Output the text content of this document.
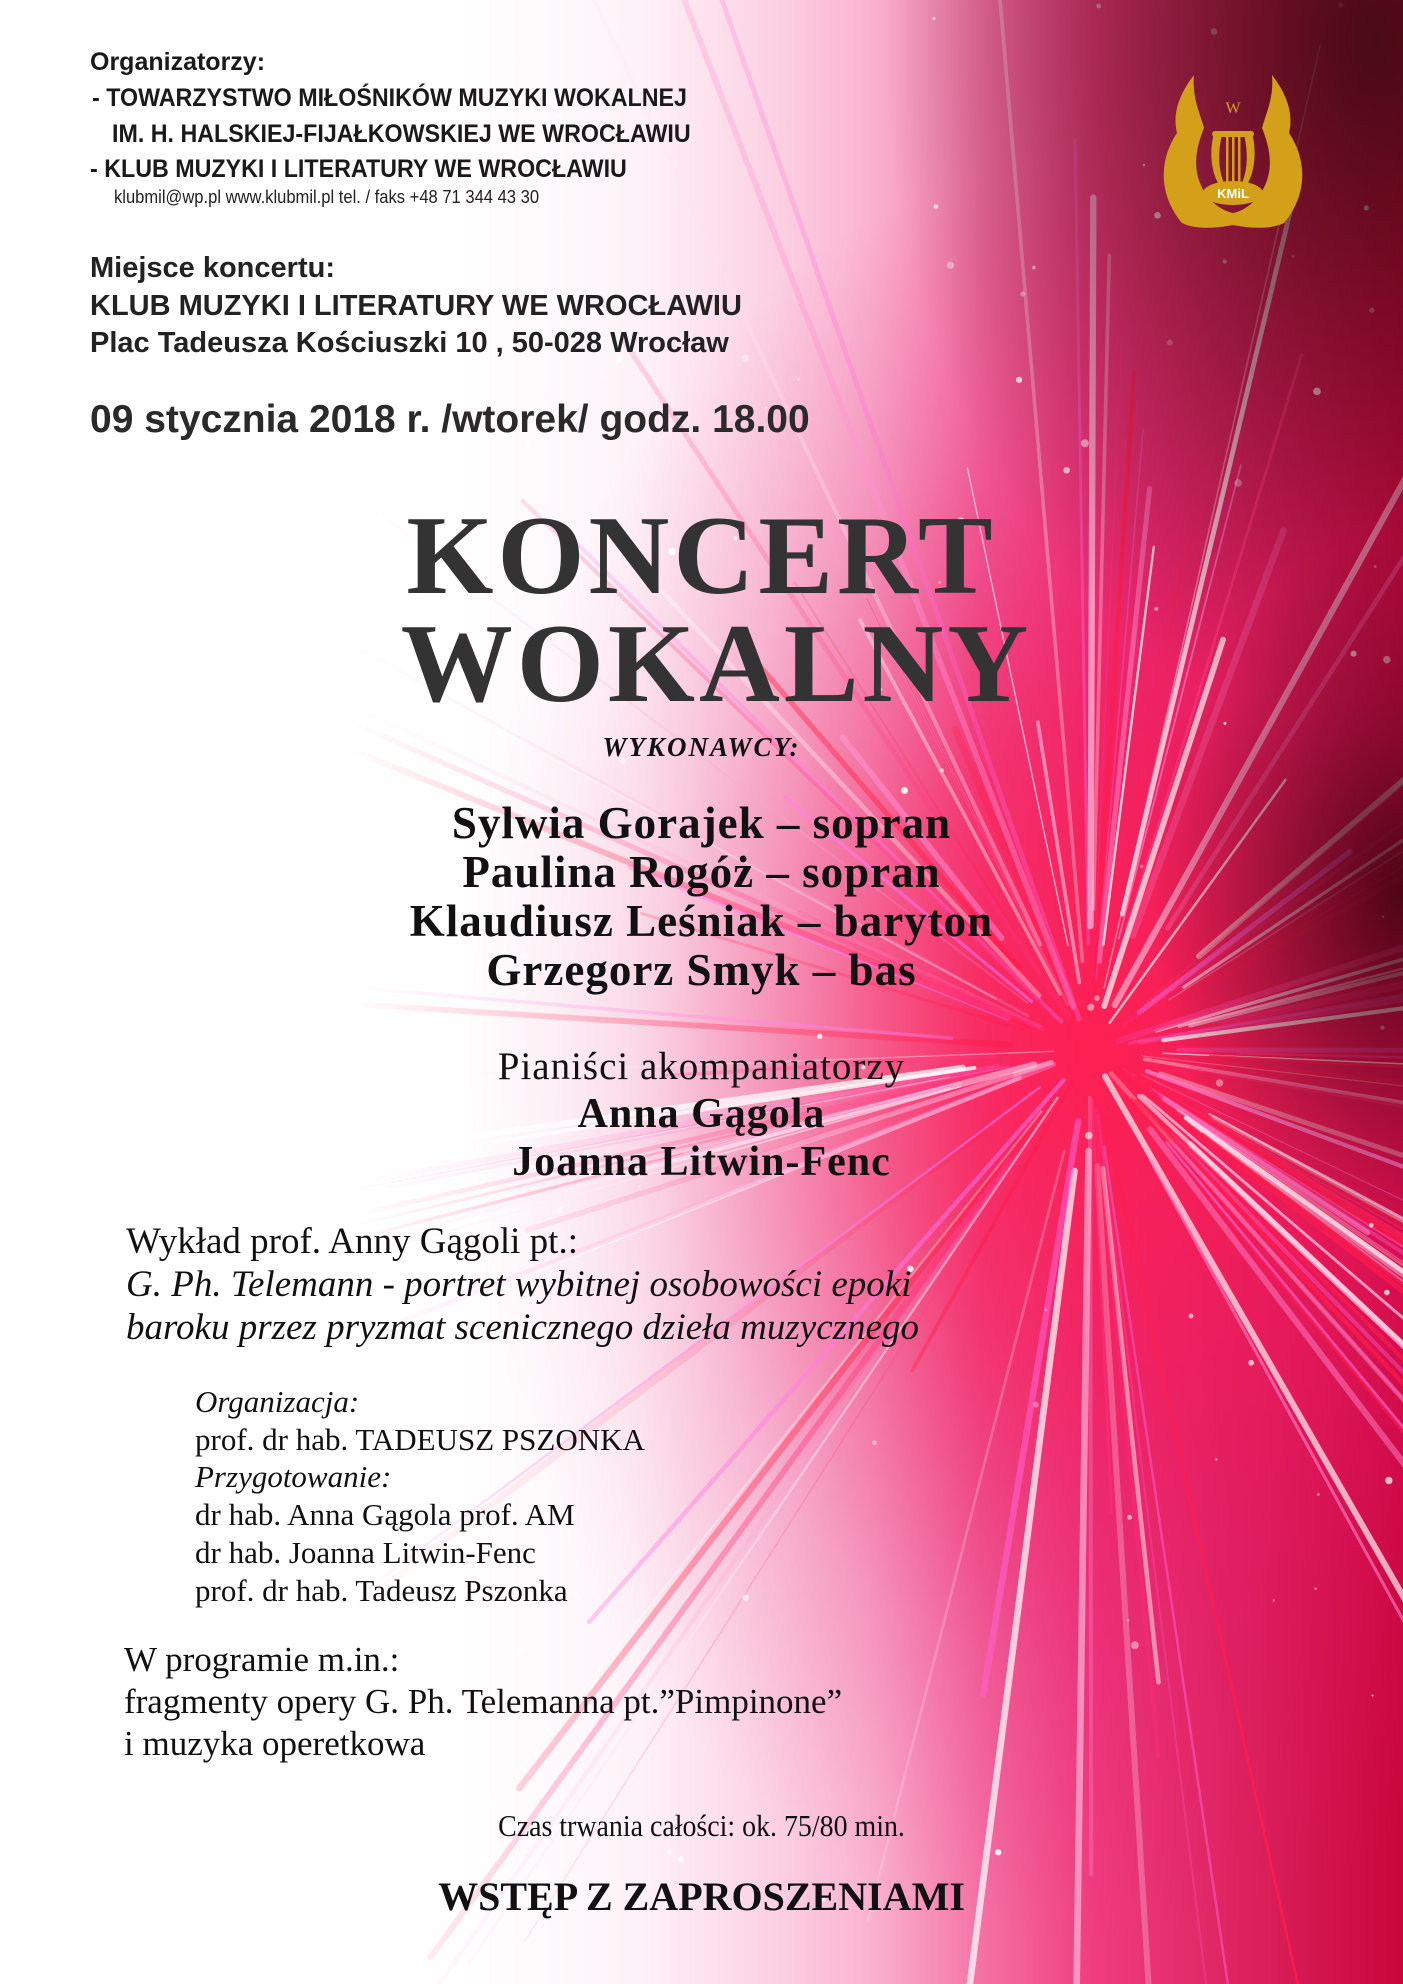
Organizatorzy:
- TOWARZYSTWO MIŁOŚNIKÓW MUZYKI WOKALNEJ
IM. H. HALSKIEJ-FIJAŁKOWSKIEJ WE WROCŁAWIU
- KLUB MUZYKI I LITERATURY WE WROCŁAWIU
klubmil@wp.pl www.klubmil.pl tel. / faks +48 71 344 43 30
W
KMiL
Miejsce koncertu:
KLUB MUZYKI I LITERATURY WE WROCŁAWIU
Plac Tadeusza Kościuszki 10 , 50-028 Wrocław
09 stycznia 2018 r. /wtorek/ godz. 18.00
KONCERT
WOKALNY
WYKONAWCY:
Sylwia Gorajek – sopran
Paulina Rogóż – sopran
Klaudiusz Leśniak – baryton
Grzegorz Smyk – bas
Pianiści akompaniatorzy
Anna Gągola
Joanna Litwin-Fenc
Wykład prof. Anny Gągoli pt.:
G. Ph. Telemann - portret wybitnej osobowości epoki
baroku przez pryzmat scenicznego dzieła muzycznego
Organizacja:
prof. dr hab. TADEUSZ PSZONKA
Przygotowanie:
dr hab. Anna Gągola prof. AM
dr hab. Joanna Litwin-Fenc
prof. dr hab. Tadeusz Pszonka
W programie m.in.:
fragmenty opery G. Ph. Telemanna pt.”Pimpinone”
i muzyka operetkowa
Czas trwania całości: ok. 75/80 min.
WSTĘP Z ZAPROSZENIAMI
